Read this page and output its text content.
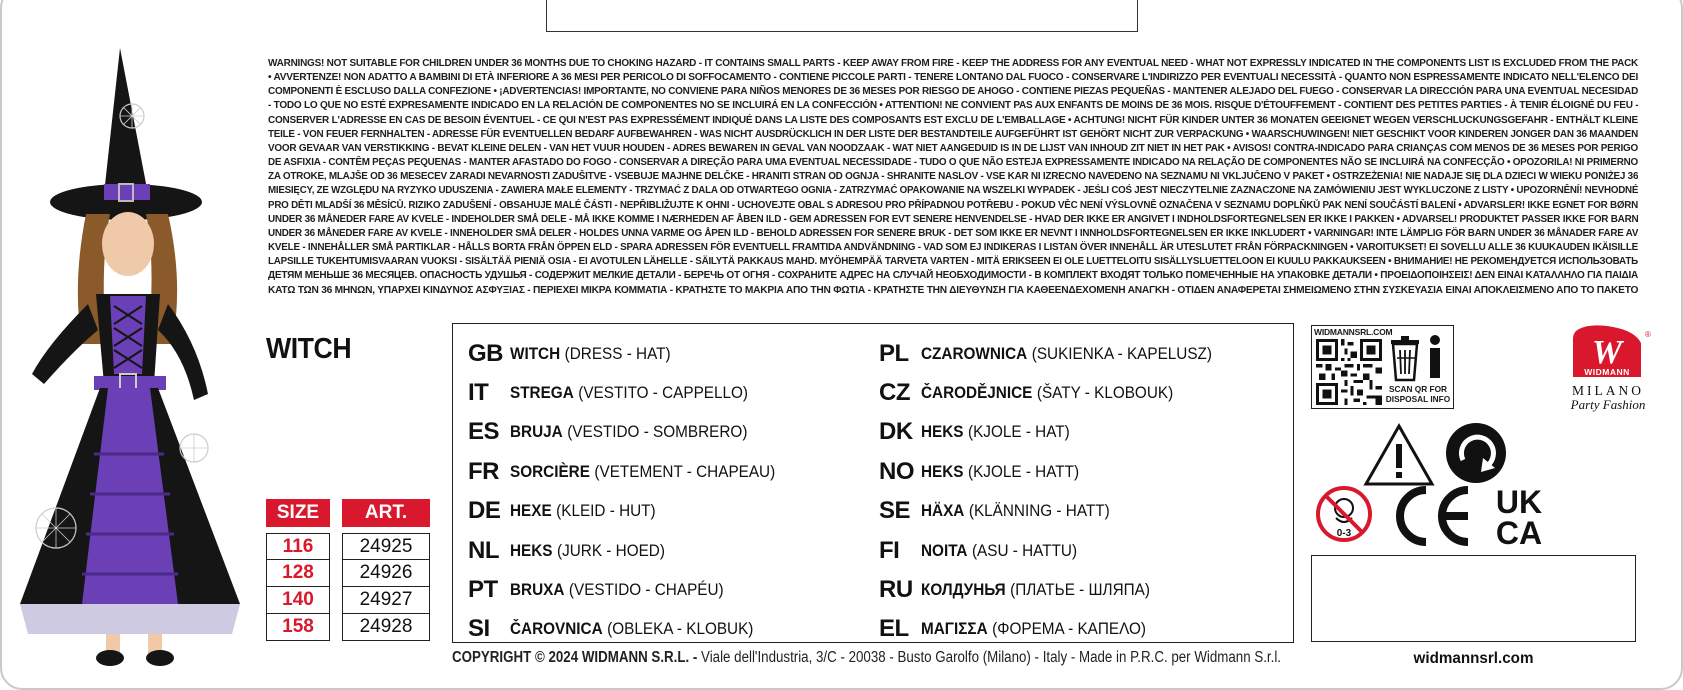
WARNINGS! NOT SUITABLE FOR CHILDREN UNDER 36 MONTHS DUE TO CHOKING HAZARD - IT CONTAINS SMALL PARTS - KEEP AWAY FROM FIRE - KEEP THE ADDRESS FOR ANY EVENTUAL NEED - WHAT NOT EXPRESSLY INDICATED IN THE COMPONENTS LIST IS EXCLUDED FROM THE PACK
• AVVERTENZE! NON ADATTO A BAMBINI DI ETÀ INFERIORE A 36 MESI PER PERICOLO DI SOFFOCAMENTO - CONTIENE PICCOLE PARTI - TENERE LONTANO DAL FUOCO - CONSERVARE L'INDIRIZZO PER EVENTUALI NECESSITÀ - QUANTO NON ESPRESSAMENTE INDICATO NELL'ELENCO DEI
COMPONENTI È ESCLUSO DALLA CONFEZIONE • ¡ADVERTENCIAS! IMPORTANTE, NO CONVIENE PARA NIÑOS MENORES DE 36 MESES POR RIESGO DE AHOGO - CONTIENE PIEZAS PEQUEÑAS - MANTENER ALEJADO DEL FUEGO - CONSERVAR LA DIRECCIÓN PARA UNA EVENTUAL NECESIDAD
- TODO LO QUE NO ESTÉ EXPRESAMENTE INDICADO EN LA RELACIÓN DE COMPONENTES NO SE INCLUIRÁ EN LA CONFECCIÓN • ATTENTION! NE CONVIENT PAS AUX ENFANTS DE MOINS DE 36 MOIS. RISQUE D'ÉTOUFFEMENT - CONTIENT DES PETITES PARTIES - À TENIR ÉLOIGNÉ DU FEU -
CONSERVER L'ADRESSE EN CAS DE BESOIN ÉVENTUEL - CE QUI N'EST PAS EXPRESSÉMENT INDIQUÉ DANS LA LISTE DES COMPOSANTS EST EXCLU DE L'EMBALLAGE • ACHTUNG! NICHT FÜR KINDER UNTER 36 MONATEN GEEIGNET WEGEN VERSCHLUCKUNGSGEFAHR - ENTHÄLT KLEINE
TEILE - VON FEUER FERNHALTEN - ADRESSE FÜR EVENTUELLEN BEDARF AUFBEWAHREN - WAS NICHT AUSDRÜCKLICH IN DER LISTE DER BESTANDTEILE AUFGEFÜHRT IST GEHÖRT NICHT ZUR VERPACKUNG • WAARSCHUWINGEN! NIET GESCHIKT VOOR KINDEREN JONGER DAN 36 MAANDEN
VOOR GEVAAR VAN VERSTIKKING - BEVAT KLEINE DELEN - VAN HET VUUR HOUDEN - ADRES BEWAREN IN GEVAL VAN NOODZAAK - WAT NIET AANGEDUID IS IN DE LIJST VAN INHOUD ZIT NIET IN HET PAK • AVISOS! CONTRA-INDICADO PARA CRIANÇAS COM MENOS DE 36 MESES POR PERIGO
DE ASFIXIA - CONTÊM PEÇAS PEQUENAS - MANTER AFASTADO DO FOGO - CONSERVAR A DIREÇÃO PARA UMA EVENTUAL NECESSIDADE - TUDO O QUE NÃO ESTEJA EXPRESSAMENTE INDICADO NA RELAÇÃO DE COMPONENTES NÃO SE INCLUIRÁ NA CONFECÇÃO • OPOZORILA! NI PRIMERNO
ZA OTROKE, MLAJŠE OD 36 MESECEV ZARADI NEVARNOSTI ZADUŠITVE - VSEBUJE MAJHNE DELČKE - HRANITI STRAN OD OGNJA - SHRANITE NASLOV - VSE KAR NI IZRECNO NAVEDENO NA SEZNAMU NI VKLJUČENO V PAKET • OSTRZEŻENIA! NIE NADAJE SIĘ DLA DZIECI W WIEKU PONIŻEJ 36
MIESIĘCY, ZE WZGLĘDU NA RYZYKO UDUSZENIA - ZAWIERA MAŁE ELEMENTY - TRZYMAĆ Z DALA OD OTWARTEGO OGNIA - ZATRZYMAĆ OPAKOWANIE NA WSZELKI WYPADEK - JEŚLI COŚ JEST NIECZYTELNIE ZAZNACZONE NA ZAMÓWIENIU JEST WYKLUCZONE Z LISTY • UPOZORNĚNÍ! NEVHODNÉ
PRO DĚTI MLADŠÍ 36 MĚSÍCŮ. RIZIKO ZADUŠENÍ - OBSAHUJE MALÉ ČÁSTI - NEPŘIBLIŽUJTE K OHNI - UCHOVEJTE OBAL S ADRESOU PRO PŘÍPADNOU POTŘEBU - POKUD VĚC NENÍ VÝSLOVNĚ OZNAČENA V SEZNAMU DOPLŇKŮ PAK NENÍ SOUČÁSTÍ BALENÍ • ADVARSLER! IKKE EGNET FOR BØRN
UNDER 36 MÅNEDER FARE AV KVELE - INDEHOLDER SMÅ DELE - MÅ IKKE KOMME I NÆRHEDEN AF ÅBEN ILD - GEM ADRESSEN FOR EVT SENERE HENVENDELSE - HVAD DER IKKE ER ANGIVET I INDHOLDSFORTEGNELSEN ER IKKE I PAKKEN • ADVARSEL! PRODUKTET PASSER IKKE FOR BARN
UNDER 36 MÅNEDER FARE AV KVELE - INNEHOLDER SMÅ DELER - HOLDES UNNA VARME OG ÅPEN ILD - BEHOLD ADRESSEN FOR SENERE BRUK - DET SOM IKKE ER NEVNT I INNHOLDSFORTEGNELSEN ER IKKE INKLUDERT • VARNINGAR! INTE LÄMPLIG FÖR BARN UNDER 36 MÅNADER FARE AV
KVELE - INNEHÅLLER SMÅ PARTIKLAR - HÅLLS BORTA FRÅN ÖPPEN ELD - SPARA ADRESSEN FÖR EVENTUELL FRAMTIDA ANDVÄNDNING - VAD SOM EJ INDIKERAS I LISTAN ÖVER INNEHÅLL ÄR UTESLUTET FRÅN FÖRPACKNINGEN • VAROITUKSET! EI SOVELLU ALLE 36 KUUKAUDEN IKÄISILLE
LAPSILLE TUKEHTUMISVAARAN VUOKSI - SISÄLTÄÄ PIENIÄ OSIA - EI AVOTULEN LÄHELLE - SÄILYTÄ PAKKAUS MAHD. MYÖHEMPÄÄ TARVETA VARTEN - MITÄ ERIKSEEN EI OLE LUETTELOITU SISÄLLYSLUETTELOON EI KUULU PAKKAUKSEEN • ВНИМАНИЕ! НЕ РЕКОМЕНДУЕТСЯ ИСПОЛЬЗОВАТЬ
ДЕТЯМ МЕНЬШЕ 36 МЕСЯЦЕВ. ОПАСНОСТЬ УДУШЬЯ - СОДЕРЖИТ МЕЛКИЕ ДЕТАЛИ - БЕРЕЧЬ ОТ ОГНЯ - СОХРАНИТЕ АДРЕС НА СЛУЧАЙ НЕОБХОДИМОСТИ - В КОМПЛЕКТ ВХОДЯТ ТОЛЬКО ПОМЕЧЕННЫЕ НА УПАКОВКЕ ДЕТАЛИ • ΠΡΟΕΙΔΟΠΟΙΗΣΕΙΣ! ΔΕΝ ΕΙΝΑΙ ΚΑΤΑΛΛΗΛΟ ΓΙΑ ΠΑΙΔΙΑ
ΚΑΤΩ ΤΩΝ 36 ΜΗΝΩΝ, ΥΠΑΡΧΕΙ ΚΙΝΔΥΝΟΣ ΑΣΦΥΞΙΑΣ - ΠΕΡΙΕΧΕΙ ΜΙΚΡΑ ΚΟΜΜΑΤΙΑ - ΚΡΑΤΗΣΤΕ ΤΟ ΜΑΚΡΙΑ ΑΠΟ ΤΗΝ ΦΩΤΙΑ - ΚΡΑΤΗΣΤΕ ΤΗΝ ΔΙΕΥΘΥΝΣΗ ΓΙΑ ΚΑΘΕΕΝΔΕΧΟΜΕΝΗ ΑΝΑΓΚΗ - ΟΤΙΔΕΝ ΑΝΑΦΕΡΕΤΑΙ ΣΗΜΕΙΩΜΕΝΟ ΣΤΗΝ ΣΥΣΚΕΥΑΣΙΑ ΕΙΝΑΙ ΑΠΟΚΛΕΙΣΜΕΝΟ ΑΠΟ ΤΟ ΠΑΚΕΤΟ
WITCH
SIZE		ART.

116		24925
128		24926
140		24927
158		24928
GB WITCH (DRESS - HAT)
IT	STREGA (VESTITO - CAPPELLO)
ES BRUJA (VESTIDO - SOMBRERO)
FR SORCIÈRE (VETEMENT - CHAPEAU)
DE HEXE (KLEID - HUT)
NL HEKS (JURK - HOED)
PT BRUXA (VESTIDO - CHAPÉU)
SI	ČAROVNICA (OBLEKA - KLOBUK)
PL CZAROWNICA (SUKIENKA - KAPELUSZ)
CZ ČARODĚJNICE (ŠATY - KLOBOUK)
DK HEKS (KJOLE - HAT)
NO HEKS (KJOLE - HATT)
SE HÄXA (KLÄNNING - HATT)
FI	NOITA (ASU - HATTU)
RU КОЛДУНЬЯ (ПЛАТЬЕ - ШЛЯПА)
EL ΜΑΓΙΣΣΑ (ΦΟΡΕΜΑ - ΚΑΠΕΛΟ)
COPYRIGHT © 2024 WIDMANN S.R.L. - Viale dell'Industria, 3/C - 20038 - Busto Garolfo (Milano) - Italy - Made in P.R.C. per Widmann S.r.l.
WIDMANNSRL.COM
SCAN QR FOR
DISPOSAL INFO
W
WIDMANN
®
MILANO
Party Fashion
0-3
CE
UK
CA
widmannsrl.com
